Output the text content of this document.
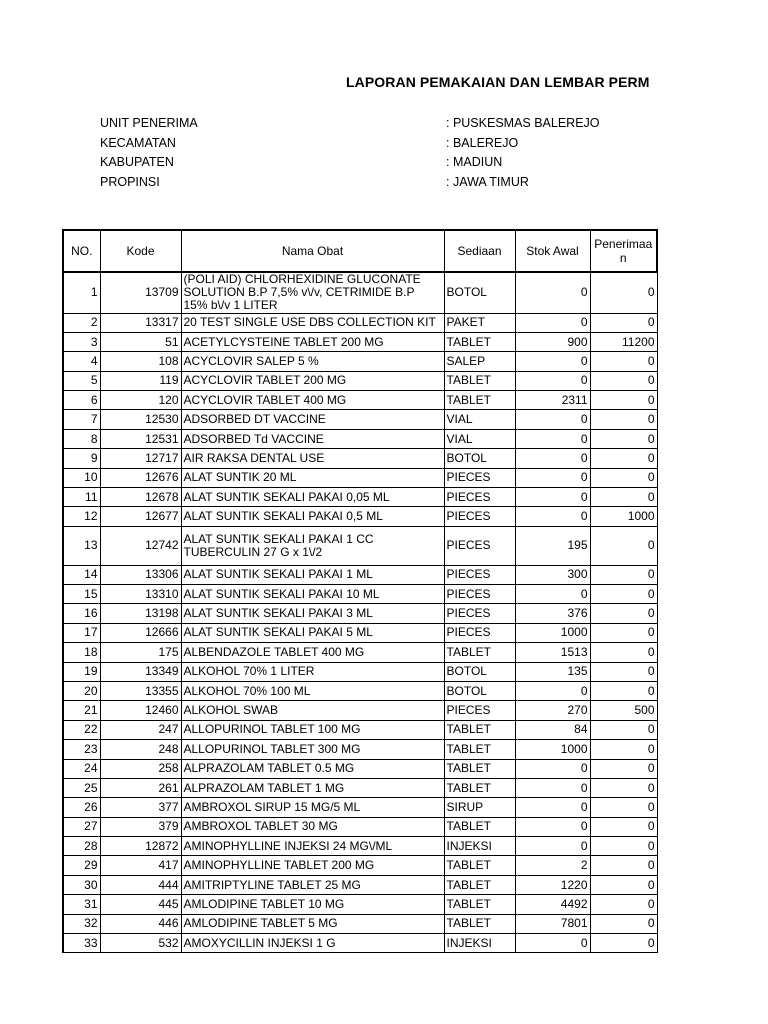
LAPORAN PEMAKAIAN DAN LEMBAR PERM
UNIT PENERIMA	: PUSKESMAS BALEREJO
KECAMATAN	: BALEREJO
KABUPATEN	: MADIUN
PROPINSI	: JAWA TIMUR
NO.	Kode	Nama Obat	Sediaan	Stok Awal	Penerimaa n
1	13709	(POLI AID) CHLORHEXIDINE GLUCONATE SOLUTION B.P 7,5% v\/v, CETRIMIDE B.P 15% b\/v 1 LITER	BOTOL	0	0
2	13317	20 TEST SINGLE USE DBS COLLECTION KIT	PAKET	0	0
3	51	ACETYLCYSTEINE TABLET 200 MG	TABLET	900	11200
4	108	ACYCLOVIR SALEP 5 %	SALEP	0	0
5	119	ACYCLOVIR TABLET 200 MG	TABLET	0	0
6	120	ACYCLOVIR TABLET 400 MG	TABLET	2311	0
7	12530	ADSORBED DT VACCINE	VIAL	0	0
8	12531	ADSORBED Td VACCINE	VIAL	0	0
9	12717	AIR RAKSA DENTAL USE	BOTOL	0	0
10	12676	ALAT SUNTIK 20 ML	PIECES	0	0
11	12678	ALAT SUNTIK SEKALI PAKAI 0,05 ML	PIECES	0	0
12	12677	ALAT SUNTIK SEKALI PAKAI 0,5 ML	PIECES	0	1000
13	12742	ALAT SUNTIK SEKALI PAKAI 1 CC TUBERCULIN 27 G x 1\/2	PIECES	195	0
14	13306	ALAT SUNTIK SEKALI PAKAI 1 ML	PIECES	300	0
15	13310	ALAT SUNTIK SEKALI PAKAI 10 ML	PIECES	0	0
16	13198	ALAT SUNTIK SEKALI PAKAI 3 ML	PIECES	376	0
17	12666	ALAT SUNTIK SEKALI PAKAI 5 ML	PIECES	1000	0
18	175	ALBENDAZOLE TABLET 400 MG	TABLET	1513	0
19	13349	ALKOHOL 70% 1 LITER	BOTOL	135	0
20	13355	ALKOHOL 70% 100 ML	BOTOL	0	0
21	12460	ALKOHOL SWAB	PIECES	270	500
22	247	ALLOPURINOL TABLET 100 MG	TABLET	84	0
23	248	ALLOPURINOL TABLET 300 MG	TABLET	1000	0
24	258	ALPRAZOLAM TABLET 0.5 MG	TABLET	0	0
25	261	ALPRAZOLAM TABLET 1 MG	TABLET	0	0
26	377	AMBROXOL SIRUP 15 MG/5 ML	SIRUP	0	0
27	379	AMBROXOL TABLET 30 MG	TABLET	0	0
28	12872	AMINOPHYLLINE INJEKSI 24 MG\/ML	INJEKSI	0	0
29	417	AMINOPHYLLINE TABLET 200 MG	TABLET	2	0
30	444	AMITRIPTYLINE TABLET 25 MG	TABLET	1220	0
31	445	AMLODIPINE TABLET 10 MG	TABLET	4492	0
32	446	AMLODIPINE TABLET 5 MG	TABLET	7801	0
33	532	AMOXYCILLIN INJEKSI 1 G	INJEKSI	0	0
